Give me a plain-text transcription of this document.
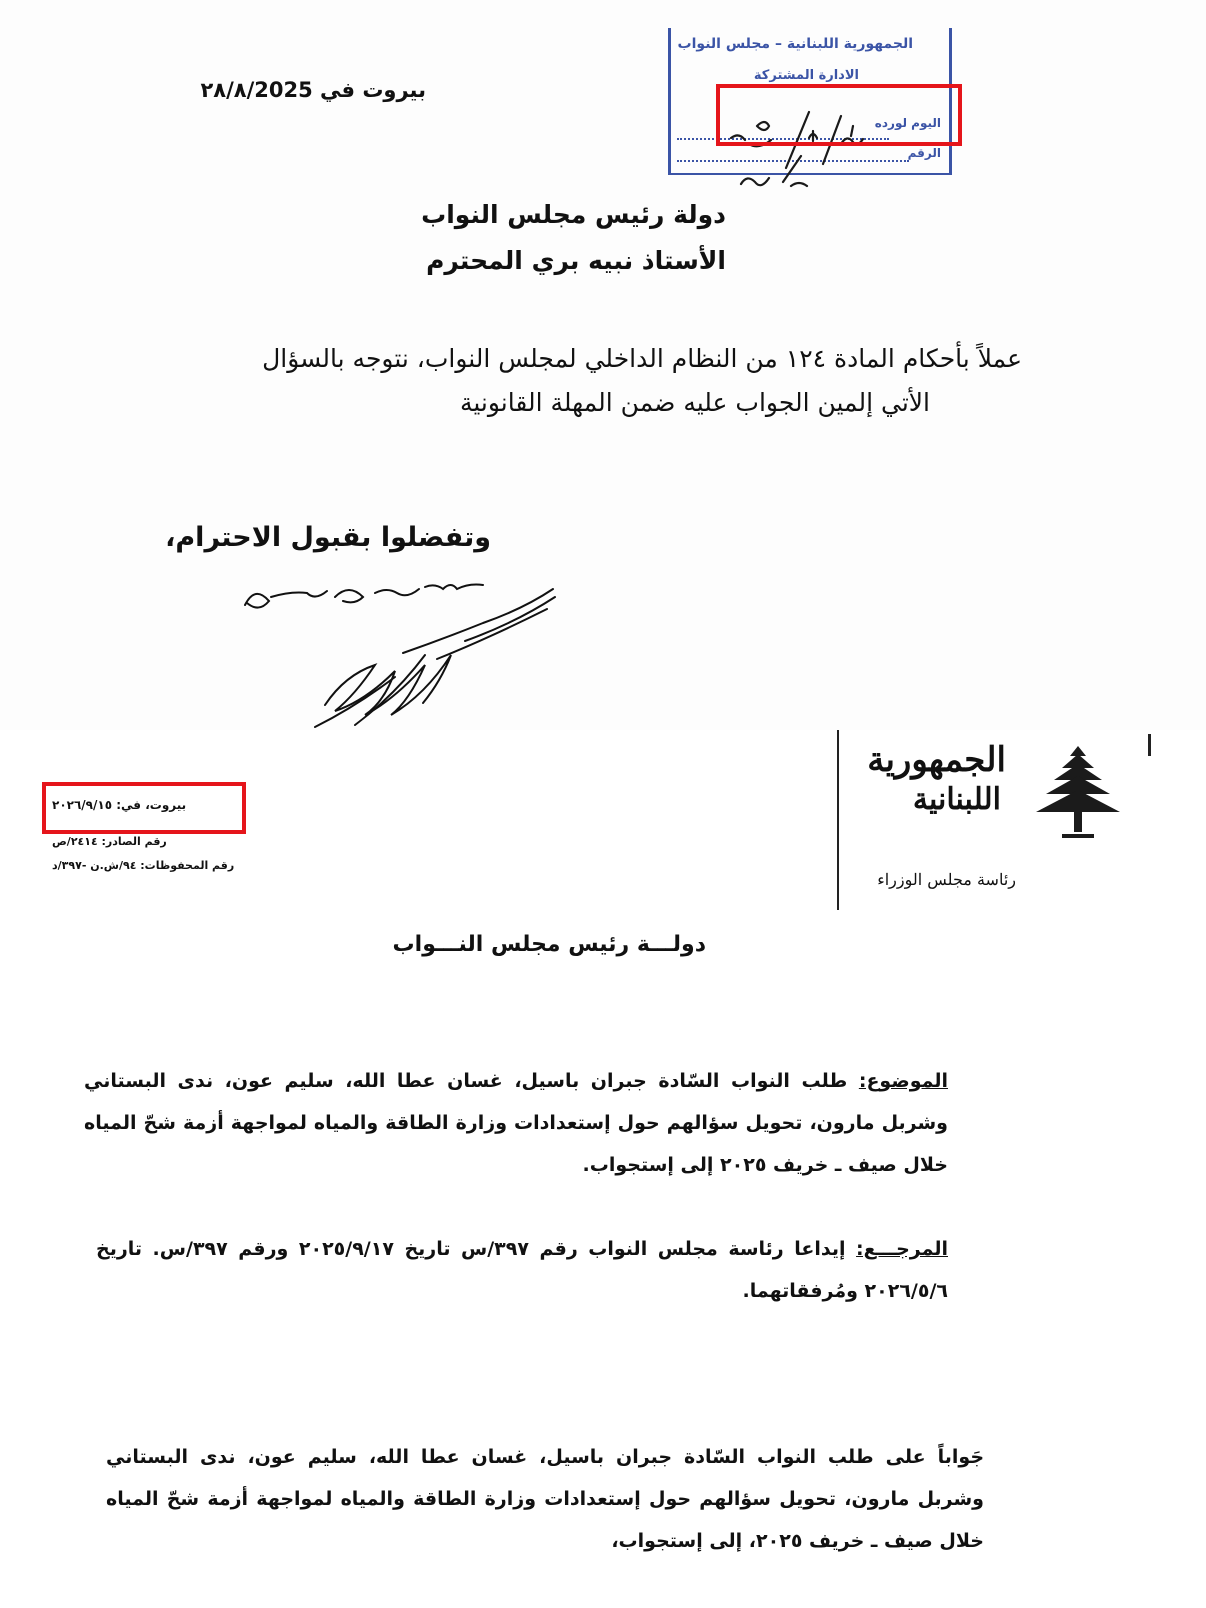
بيروت في ٢٨/٨/2025
الجمهورية اللبنانية – مجلس النواب
الادارة المشتركة
اليوم لورده
الرقم
دولة رئيس مجلس النواب
الأستاذ نبيه بري المحترم
عملاً بأحكام المادة ١٢٤ من النظام الداخلي لمجلس النواب، نتوجه بالسؤال
الأتي إلمين الجواب عليه ضمن المهلة القانونية
وتفضلوا بقبول الاحترام،
الجمهورية
اللبنانية
رئاسة مجلس الوزراء
بيروت، في: ٢٠٢٦/٩/١٥
رقم الصادر: ٢٤١٤/ص
رقم المحفوظات: ٩٤/ش.ن -٣٩٧/د
دولـــة رئيس مجلس النـــواب
الموضوع: طلب النواب السّادة جبران باسيل، غسان عطا الله، سليم عون، ندى البستاني وشربل مارون، تحويل سؤالهم حول إستعدادات وزارة الطاقة والمياه لمواجهة أزمة شحّ المياه خلال صيف ـ خريف ٢٠٢٥ إلى إستجواب.
المرجـــع: إيداعا رئاسة مجلس النواب رقم ٣٩٧/س تاريخ ٢٠٢٥/٩/١٧ ورقم ٣٩٧/س. تاريخ ٢٠٢٦/٥/٦ ومُرفقاتهما.
جَواباً على طلب النواب السّادة جبران باسيل، غسان عطا الله، سليم عون، ندى البستاني وشربل مارون، تحويل سؤالهم حول إستعدادات وزارة الطاقة والمياه لمواجهة أزمة شحّ المياه خلال صيف ـ خريف ٢٠٢٥، إلى إستجواب،
